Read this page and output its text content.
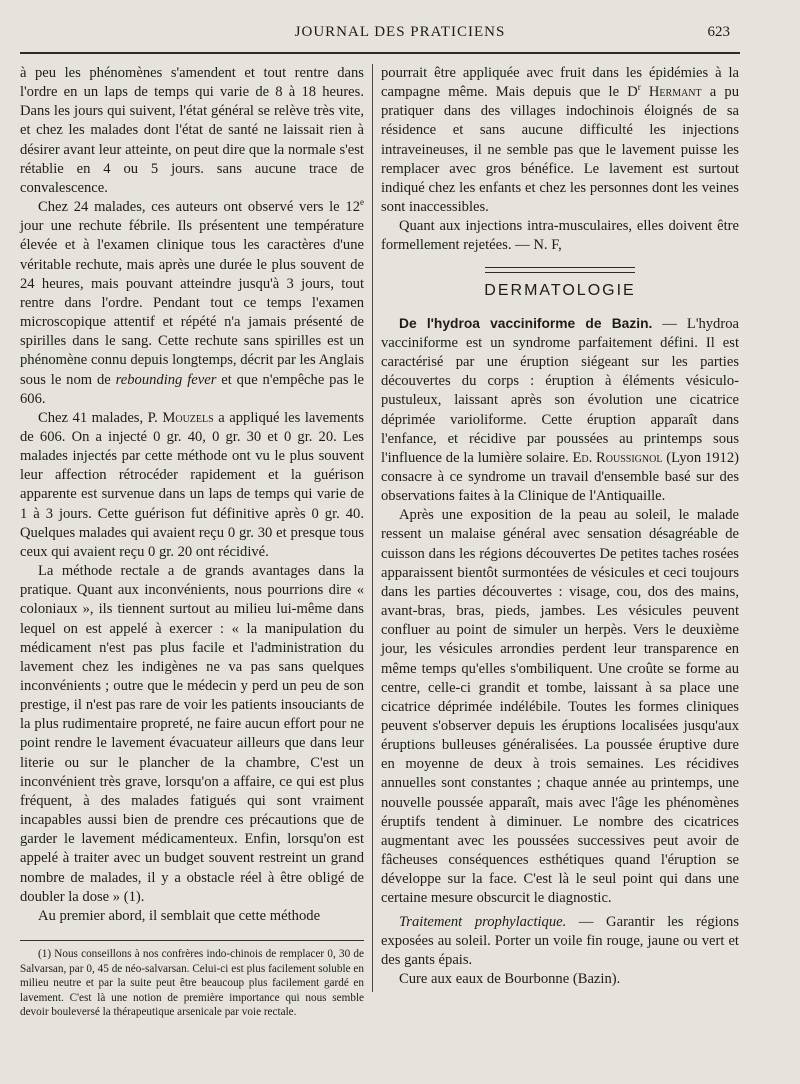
JOURNAL DES PRATICIENS	623

à peu les phénomènes s'amendent et tout rentre dans l'ordre en un laps de temps qui varie de 8 à 18 heures. Dans les jours qui suivent, l'état général se relève très vite, et chez les malades dont l'état de santé ne laissait rien à désirer avant leur atteinte, on peut dire que la normale s'est rétablie en 4 ou 5 jours. sans aucune trace de convalescence.

Chez 24 malades, ces auteurs ont observé vers le 12e jour une rechute fébrile. Ils présentent une température élevée et à l'examen clinique tous les caractères d'une véritable rechute, mais après une durée le plus souvent de 24 heures, mais pouvant atteindre jusqu'à 3 jours, tout rentre dans l'ordre. Pendant tout ce temps l'examen microscopique attentif et répété n'a jamais présenté de spirilles dans le sang. Cette rechute sans spirilles est un phénomène connu depuis longtemps, décrit par les Anglais sous le nom de rebounding fever et que n'empêche pas le 606.

Chez 41 malades, P. Mouzels a appliqué les lavements de 606. On a injecté 0 gr. 40, 0 gr. 30 et 0 gr. 20. Les malades injectés par cette méthode ont vu le plus souvent leur affection rétrocéder rapidement et la guérison apparente est survenue dans un laps de temps qui varie de 1 à 3 jours. Cette guérison fut définitive après 0 gr. 40. Quelques malades qui avaient reçu 0 gr. 30 et presque tous ceux qui avaient reçu 0 gr. 20 ont récidivé.

La méthode rectale a de grands avantages dans la pratique. Quant aux inconvénients, nous pourrions dire « coloniaux », ils tiennent surtout au milieu lui-même dans lequel on est appelé à exercer : « la manipulation du médicament n'est pas plus facile et l'administration du lavement chez les indigènes ne va pas sans quelques inconvénients ; outre que le médecin y perd un peu de son prestige, il n'est pas rare de voir les patients insouciants de la plus rudimentaire propreté, ne faire aucun effort pour ne point rendre le lavement évacuateur ailleurs que dans leur literie ou sur le plancher de la chambre, C'est un inconvénient très grave, lorsqu'on a affaire, ce qui est plus fréquent, à des malades fatigués qui sont vraiment incapables aussi bien de prendre ces précautions que de garder le lavement médicamenteux. Enfin, lorsqu'on est appelé à traiter avec un budget souvent restreint un grand nombre de malades, il y a obstacle réel à être obligé de doubler la dose » (1).

Au premier abord, il semblait que cette méthode

(1) Nous conseillons à nos confrères indo-chinois de remplacer 0, 30 de Salvarsan, par 0, 45 de néo-salvarsan. Celui-ci est plus facilement soluble en milieu neutre et par la suite peut être beaucoup plus facilement gardé en lavement. C'est là une notion de première importance qui nous semble devoir bouleversé la thérapeutique arsenicale par voie rectale.

pourrait être appliquée avec fruit dans les épidémies à la campagne même. Mais depuis que le $D^r$ Hermant a pu pratiquer dans des villages indochinois éloignés de sa résidence et sans aucune difficulté les injections intraveineuses, il ne semble pas que le lavement puisse les remplacer avec gros bénéfice. Le lavement est surtout indiqué chez les enfants et chez les personnes dont les veines sont inaccessibles.

Quant aux injections intra-musculaires, elles doivent être formellement rejetées. — N. F,

DERMATOLOGIE

De l'hydroa vacciniforme de Bazin. — L'hydroa vacciniforme est un syndrome parfaitement défini. Il est caractérisé par une éruption siégeant sur les parties découvertes du corps : éruption à éléments vésiculo-pustuleux, laissant après son évolution une cicatrice déprimée varioliforme. Cette éruption apparaît dans l'enfance, et récidive par poussées au printemps sous l'influence de la lumière solaire. Ed. Roussignol (Lyon 1912) consacre à ce syndrome un travail d'ensemble basé sur des observations faites à la Clinique de l'Antiquaille.

Après une exposition de la peau au soleil, le malade ressent un malaise général avec sensation désagréable de cuisson dans les régions découvertes De petites taches rosées apparaissent bientôt surmontées de vésicules et ceci toujours dans les parties découvertes : visage, cou, dos des mains, avant-bras, bras, pieds, jambes. Les vésicules peuvent confluer au point de simuler un herpès. Vers le deuxième jour, les vésicules arrondies perdent leur transparence en même temps qu'elles s'ombiliquent. Une croûte se forme au centre, celle-ci grandit et tombe, laissant à sa place une cicatrice déprimée indélébile. Toutes les formes cliniques peuvent s'observer depuis les éruptions localisées jusqu'aux éruptions bulleuses généralisées. La poussée éruptive dure en moyenne de deux à trois semaines. Les récidives annuelles sont constantes ; chaque année au printemps, une nouvelle poussée apparaît, mais avec l'âge les phénomènes éruptifs tendent à diminuer. Le nombre des cicatrices augmentant avec les poussées successives peut avoir de fâcheuses conséquences esthétiques quand l'éruption se développe sur la face. C'est là le seul point qui dans une certaine mesure obscurcit le diagnostic.

Traitement prophylactique. — Garantir les régions exposées au soleil. Porter un voile fin rouge, jaune ou vert et des gants épais.

Cure aux eaux de Bourbonne (Bazin).
